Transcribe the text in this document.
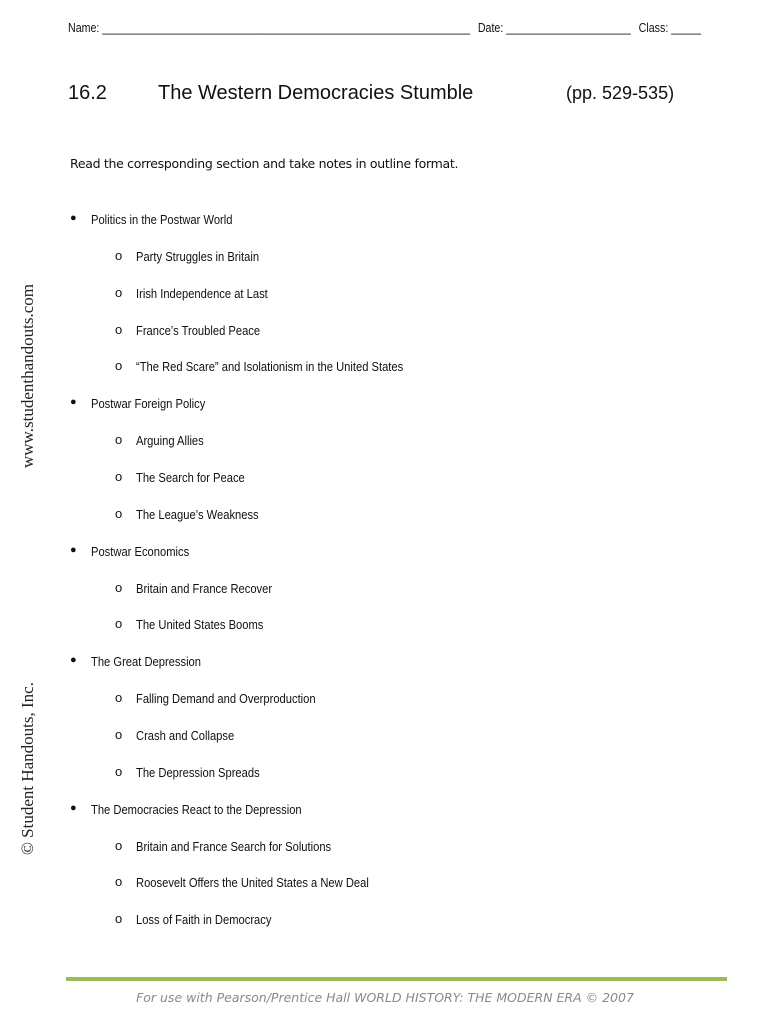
Name: ______________________________________________________________ Date: _____________________ Class: _____
16.2	The Western Democracies Stumble	(pp. 529-535)
Read the corresponding section and take notes in outline format.
● Politics in the Postwar World
o Party Struggles in Britain
o Irish Independence at Last
o France’s Troubled Peace
o “The Red Scare” and Isolationism in the United States
● Postwar Foreign Policy
o Arguing Allies
o The Search for Peace
o The League’s Weakness
● Postwar Economics
o Britain and France Recover
o The United States Booms
● The Great Depression
o Falling Demand and Overproduction
o Crash and Collapse
o The Depression Spreads
● The Democracies React to the Depression
o Britain and France Search for Solutions
o Roosevelt Offers the United States a New Deal
o Loss of Faith in Democracy
www.studenthandouts.com
© Student Handouts, Inc.
For use with Pearson/Prentice Hall WORLD HISTORY: THE MODERN ERA © 2007
